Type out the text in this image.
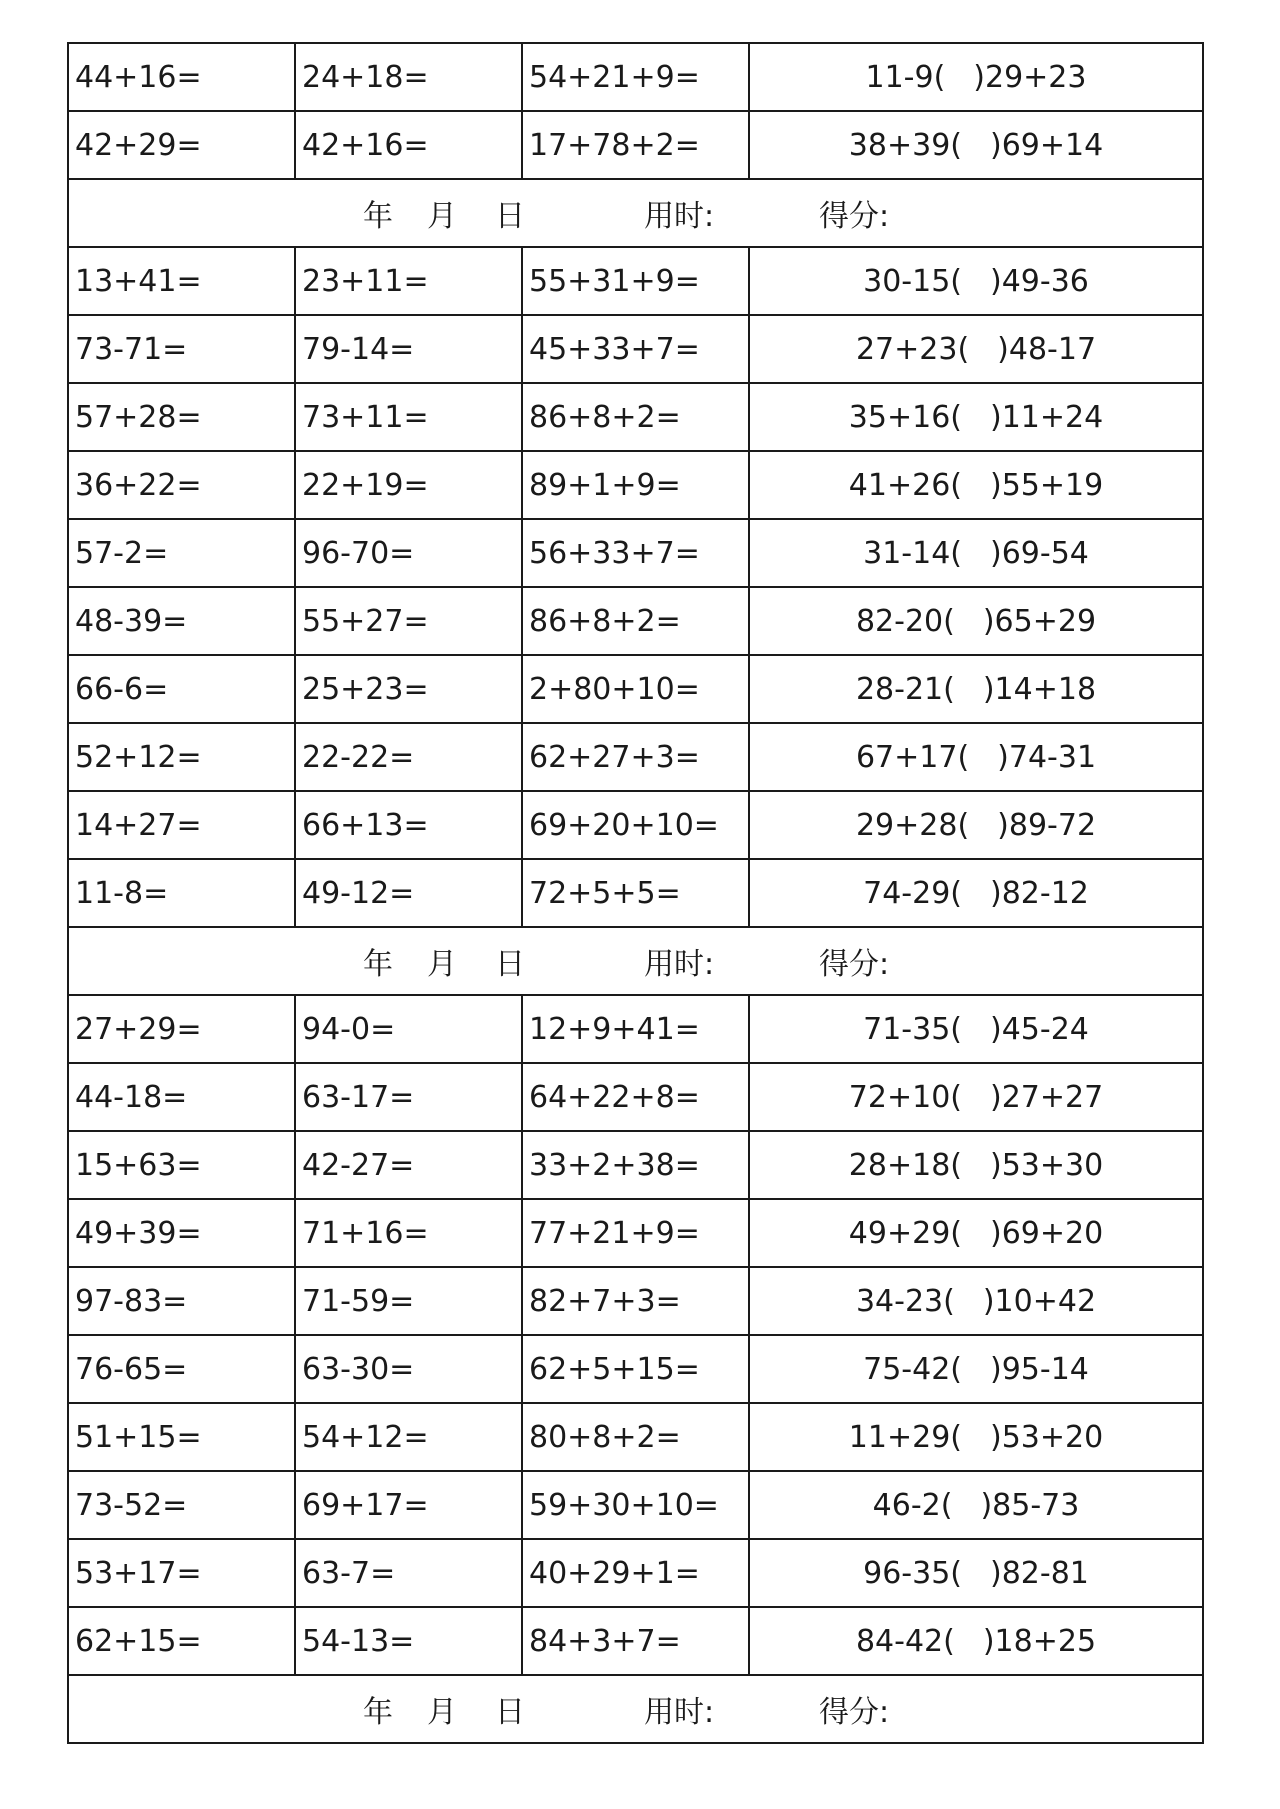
44+16=	24+18=	54+21+9=	11-9( )29+23
42+29=	42+16=	17+78+2=	38+39( )69+14

年 月 日 用时: 得分:			

13+41=	23+11=	55+31+9=	30-15( )49-36
73-71=	79-14=	45+33+7=	27+23( )48-17
57+28=	73+11=	86+8+2=	35+16( )11+24
36+22=	22+19=	89+1+9=	41+26( )55+19
57-2=	96-70=	56+33+7=	31-14( )69-54
48-39=	55+27=	86+8+2=	82-20( )65+29
66-6=	25+23=	2+80+10=	28-21( )14+18
52+12=	22-22=	62+27+3=	67+17( )74-31
14+27=	66+13=	69+20+10=	29+28( )89-72
11-8=	49-12=	72+5+5=	74-29( )82-12

年 月 日 用时: 得分:			

27+29=	94-0=	12+9+41=	71-35( )45-24
44-18=	63-17=	64+22+8=	72+10( )27+27
15+63=	42-27=	33+2+38=	28+18( )53+30
49+39=	71+16=	77+21+9=	49+29( )69+20
97-83=	71-59=	82+7+3=	34-23( )10+42
76-65=	63-30=	62+5+15=	75-42( )95-14
51+15=	54+12=	80+8+2=	11+29( )53+20
73-52=	69+17=	59+30+10=	46-2( )85-73
53+17=	63-7=	40+29+1=	96-35( )82-81
62+15=	54-13=	84+3+7=	84-42( )18+25

年 月 日 用时: 得分:			
